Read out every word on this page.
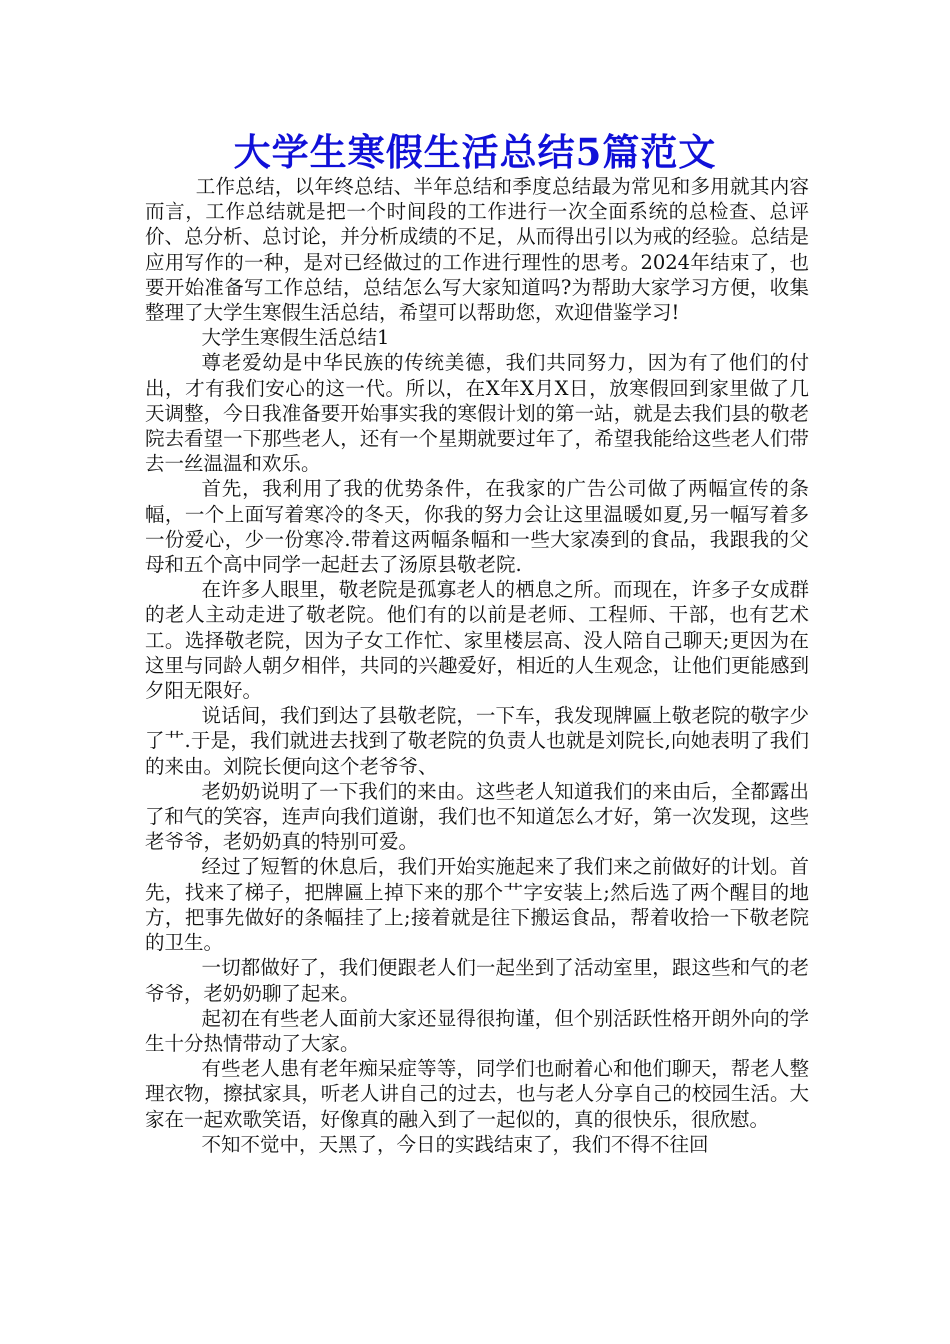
大学生寒假生活总结5篇范文

工作总结，以年终总结、半年总结和季度总结最为常见和多用就其内容而言，工作总结就是把一个时间段的工作进行一次全面系统的总检查、总评价、总分析、总讨论，并分析成绩的不足，从而得出引以为戒的经验。总结是应用写作的一种，是对已经做过的工作进行理性的思考。2024年结束了，也要开始准备写工作总结，总结怎么写大家知道吗?为帮助大家学习方便，收集整理了大学生寒假生活总结，希望可以帮助您，欢迎借鉴学习!

大学生寒假生活总结1

尊老爱幼是中华民族的传统美德，我们共同努力，因为有了他们的付出，才有我们安心的这一代。所以，在X年X月X日，放寒假回到家里做了几天调整，今日我准备要开始事实我的寒假计划的第一站，就是去我们县的敬老院去看望一下那些老人，还有一个星期就要过年了，希望我能给这些老人们带去一丝温温和欢乐。

首先，我利用了我的优势条件，在我家的广告公司做了两幅宣传的条幅，一个上面写着寒冷的冬天，你我的努力会让这里温暖如夏,另一幅写着多一份爱心，少一份寒冷.带着这两幅条幅和一些大家凑到的食品，我跟我的父母和五个高中同学一起赶去了汤原县敬老院.

在许多人眼里，敬老院是孤寡老人的栖息之所。而现在，许多子女成群的老人主动走进了敬老院。他们有的以前是老师、工程师、干部，也有艺术工。选择敬老院，因为子女工作忙、家里楼层高、没人陪自己聊天;更因为在这里与同龄人朝夕相伴，共同的兴趣爱好，相近的人生观念，让他们更能感到夕阳无限好。

说话间，我们到达了县敬老院，一下车，我发现牌匾上敬老院的敬字少了艹.于是，我们就进去找到了敬老院的负责人也就是刘院长,向她表明了我们的来由。刘院长便向这个老爷爷、

老奶奶说明了一下我们的来由。这些老人知道我们的来由后，全都露出了和气的笑容，连声向我们道谢，我们也不知道怎么才好，第一次发现，这些老爷爷，老奶奶真的特别可爱。

经过了短暂的休息后，我们开始实施起来了我们来之前做好的计划。首先，找来了梯子，把牌匾上掉下来的那个艹字安装上;然后选了两个醒目的地方，把事先做好的条幅挂了上;接着就是往下搬运食品，帮着收拾一下敬老院的卫生。

一切都做好了，我们便跟老人们一起坐到了活动室里，跟这些和气的老爷爷，老奶奶聊了起来。

起初在有些老人面前大家还显得很拘谨，但个别活跃性格开朗外向的学生十分热情带动了大家。

有些老人患有老年痴呆症等等，同学们也耐着心和他们聊天，帮老人整理衣物，擦拭家具，听老人讲自己的过去，也与老人分享自己的校园生活。大家在一起欢歌笑语，好像真的融入到了一起似的，真的很快乐，很欣慰。

不知不觉中，天黑了，今日的实践结束了，我们不得不往回
